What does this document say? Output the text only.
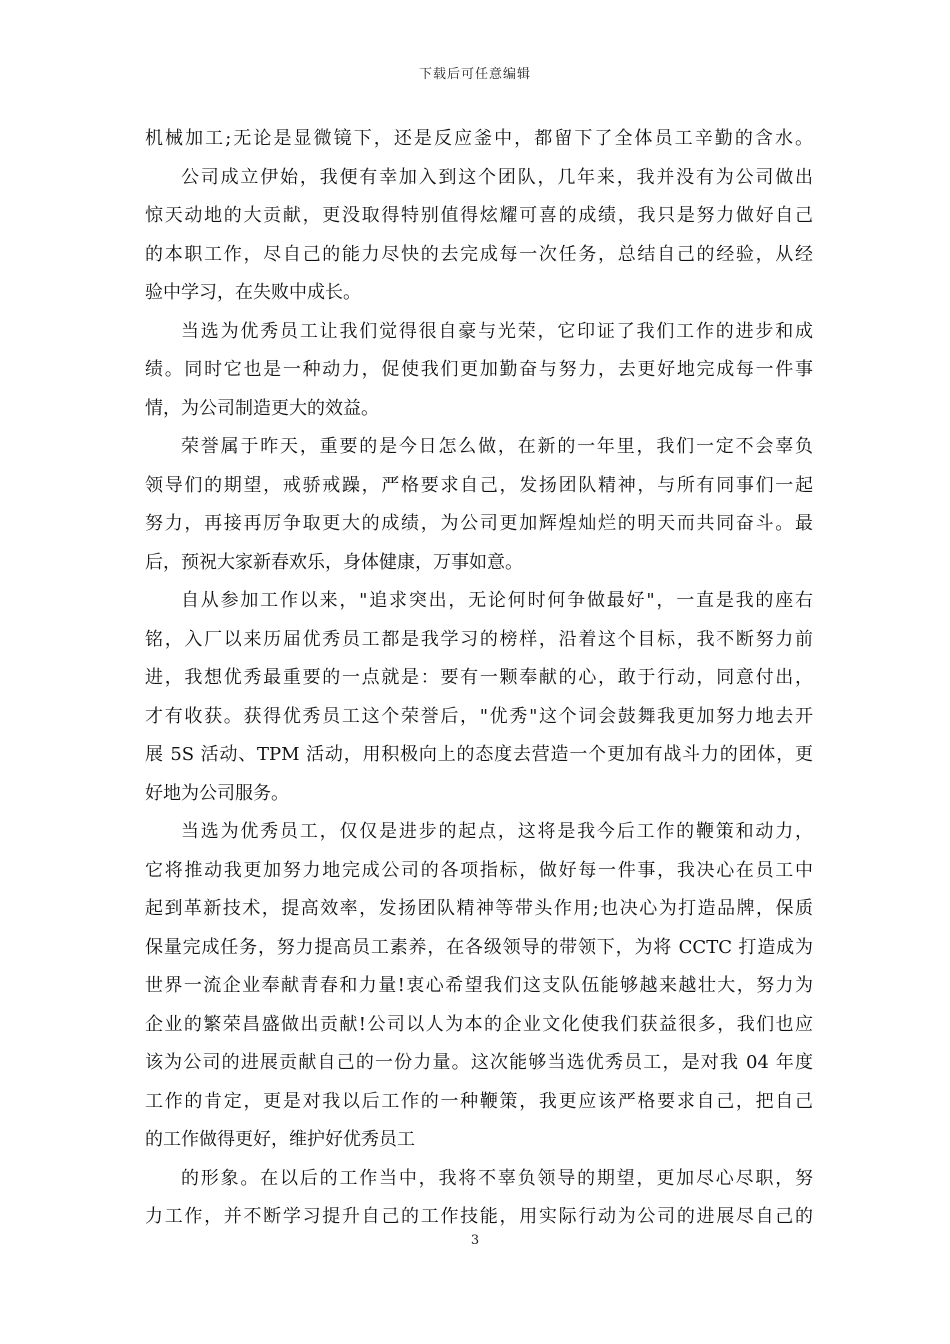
下载后可任意编辑
机械加工;无论是显微镜下，还是反应釜中，都留下了全体员工辛勤的含水。
公司成立伊始，我便有幸加入到这个团队，几年来，我并没有为公司做出
惊天动地的大贡献，更没取得特别值得炫耀可喜的成绩，我只是努力做好自己
的本职工作，尽自己的能力尽快的去完成每一次任务，总结自己的经验，从经
验中学习，在失败中成长。
当选为优秀员工让我们觉得很自豪与光荣，它印证了我们工作的进步和成
绩。同时它也是一种动力，促使我们更加勤奋与努力，去更好地完成每一件事
情，为公司制造更大的效益。
荣誉属于昨天，重要的是今日怎么做，在新的一年里，我们一定不会辜负
领导们的期望，戒骄戒躁，严格要求自己，发扬团队精神，与所有同事们一起
努力，再接再厉争取更大的成绩，为公司更加辉煌灿烂的明天而共同奋斗。最
后，预祝大家新春欢乐，身体健康，万事如意。
自从参加工作以来，"追求突出，无论何时何争做最好"，一直是我的座右
铭，入厂以来历届优秀员工都是我学习的榜样，沿着这个目标，我不断努力前
进，我想优秀最重要的一点就是：要有一颗奉献的心，敢于行动，同意付出，
才有收获。获得优秀员工这个荣誉后，"优秀"这个词会鼓舞我更加努力地去开
展 5S 活动、TPM 活动，用积极向上的态度去营造一个更加有战斗力的团体，更
好地为公司服务。
当选为优秀员工，仅仅是进步的起点，这将是我今后工作的鞭策和动力，
它将推动我更加努力地完成公司的各项指标，做好每一件事，我决心在员工中
起到革新技术，提高效率，发扬团队精神等带头作用;也决心为打造品牌，保质
保量完成任务，努力提高员工素养，在各级领导的带领下，为将 CCTC 打造成为
世界一流企业奉献青春和力量!衷心希望我们这支队伍能够越来越壮大，努力为
企业的繁荣昌盛做出贡献!公司以人为本的企业文化使我们获益很多，我们也应
该为公司的进展贡献自己的一份力量。这次能够当选优秀员工，是对我 04 年度
工作的肯定，更是对我以后工作的一种鞭策，我更应该严格要求自己，把自己
的工作做得更好，维护好优秀员工
的形象。在以后的工作当中，我将不辜负领导的期望，更加尽心尽职，努
力工作，并不断学习提升自己的工作技能，用实际行动为公司的进展尽自己的
3
